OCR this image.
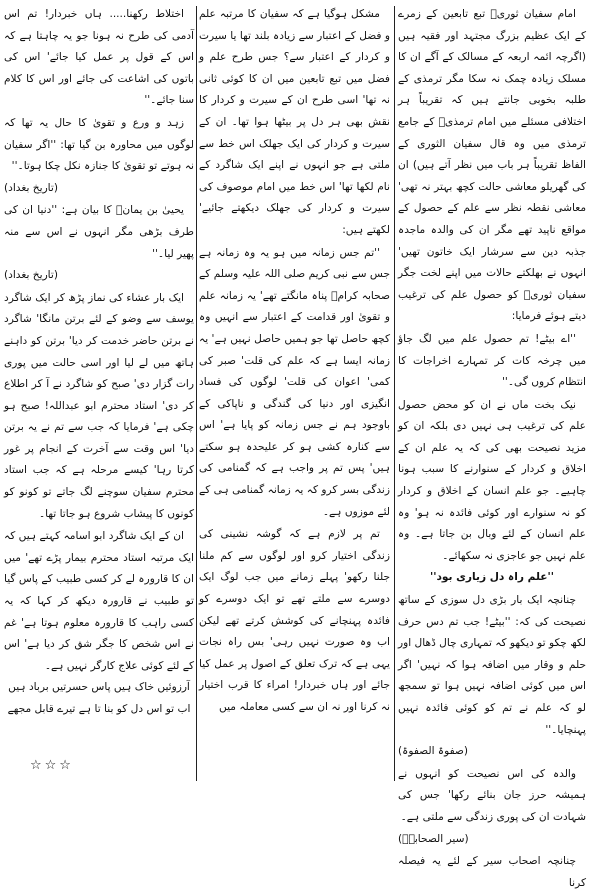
امام سفیان ثوریؒ تبع تابعین کے زمرے کے ایک عظیم بزرگ مجتہد اور فقیہ ہیں (اگرچہ ائمہ اربعہ کے مسالک کے آگے ان کا مسلک زیادہ چمک نہ سکا مگر ترمذی کے طلبہ بخوبی جانتے ہیں کہ تقریباً ہر اختلافی مسئلے میں امام ترمذیؒ کے جامع ترمذی میں وہ قال سفیان الثوری کے الفاظ تقریباً ہر باب میں نظر آتے ہیں) ان کی گھریلو معاشی حالت کچھ بہتر نہ تھی' معاشی نقطہ نظر سے علم کے حصول کے مواقع ناپید تھے مگر ان کی والدہ ماجدہ جذبہ دین سے سرشار ایک خاتون تھیں' انہوں نے بھلکتے حالات میں اپنے لخت جگر سفیان ثوریؒ کو حصول علم کی ترغیب دیتے ہوئے فرمایا:

''اے بیٹے! تم حصول علم میں لگ جاؤ میں چرخہ کات کر تمہارے اخراجات کا انتظام کروں گی۔''

نیک بخت ماں نے ان کو محض حصول علم کی ترغیب ہی نہیں دی بلکہ ان کو مزید نصیحت بھی کی کہ یہ علم ان کے اخلاق و کردار کے سنوارنے کا سبب ہونا چاہیے۔ جو علم انسان کے اخلاق و کردار کو نہ سنوارے اور کوئی فائدہ نہ ہو' وہ علم انسان کے لئے وبال بن جاتا ہے۔ وہ علم نہیں جو عاجزی نہ سکھائے۔

''علم راہ دل زیاری بود''

چنانچہ ایک بار بڑی دل سوزی کے ساتھ نصیحت کی کہ: ''بیٹے! جب تم دس حرف لکھ چکو تو دیکھو کہ تمہاری چال ڈھال اور حلم و وقار میں اضافہ ہوا کہ نہیں' اگر اس میں کوئی اضافہ نہیں ہوا تو سمجھ لو کہ علم نے تم کو کوئی فائدہ نہیں پہنچایا۔''

(صفوۃ الصفوۃ)

والدہ کی اس نصیحت کو انہوں نے ہمیشہ حرز جان بنائے رکھا' جس کی شہادت ان کی پوری زندگی سے ملتی ہے۔

(سیر الصحابہؓ)

چنانچہ اصحاب سیر کے لئے یہ فیصلہ کرنا

مشکل ہوگیا ہے کہ سفیان کا مرتبہ علم و فضل کے اعتبار سے زیادہ بلند تھا یا سیرت و کردار کے اعتبار سے؟ جس طرح علم و فضل میں تبع تابعین میں ان کا کوئی ثانی نہ تھا' اسی طرح ان کے سیرت و کردار کا نقش بھی ہر دل پر بیٹھا ہوا تھا۔ ان کے سیرت و کردار کی ایک جھلک اس خط سے ملتی ہے جو انہوں نے اپنے ایک شاگرد کے نام لکھا تھا' اس خط میں امام موصوف کی سیرت و کردار کی جھلک دیکھتے جائیے' لکھتے ہیں:

''تم جس زمانہ میں ہو یہ وہ زمانہ ہے جس سے نبی کریم صلی اللہ علیہ وسلم کے صحابہ کرامؓ پناہ مانگتے تھے' یہ زمانہ علم و تقویٰ اور قدامت کے اعتبار سے انہیں وہ کچھ حاصل تھا جو ہمیں حاصل نہیں ہے' یہ زمانہ ایسا ہے کہ علم کی قلت' صبر کی کمی' اعوان کی قلت' لوگوں کی فساد انگیزی اور دنیا کی گندگی و ناپاکی کے باوجود ہم نے جس زمانہ کو پایا ہے' اس سے کنارہ کشی ہو کر علیحدہ ہو سکتے ہیں' پس تم پر واجب ہے کہ گمنامی کی زندگی بسر کرو کہ یہ زمانہ گمنامی ہی کے لئے موزوں ہے۔

تم پر لازم ہے کہ گوشہ نشینی کی زندگی اختیار کرو اور لوگوں سے کم ملنا جلنا رکھو' پہلے زمانے میں جب لوگ ایک دوسرے سے ملتے تھے تو ایک دوسرے کو فائدہ پہنچانے کی کوشش کرتے تھے لیکن اب وہ صورت نہیں رہی' بس راہ نجات یہی ہے کہ ترک تعلق کے اصول پر عمل کیا جائے اور ہاں خبردار! امراء کا قرب اختیار نہ کرنا اور نہ ان سے کسی معاملہ میں

اختلاط رکھنا..... ہاں خبردار! تم اس آدمی کی طرح نہ ہونا جو یہ چاہتا ہے کہ اس کے قول پر عمل کیا جائے' اس کی باتوں کی اشاعت کی جائے اور اس کا کلام سنا جائے۔''

زہد و ورع و تقویٰ کا حال یہ تھا کہ لوگوں میں محاورہ بن گیا تھا: ''اگر سفیان نہ ہوتے تو تقویٰ کا جنازہ نکل چکا ہوتا۔''

(تاریخ بغداد)

یحییٰ بن یمانؒ کا بیان ہے: ''دنیا ان کی طرف بڑھی مگر انہوں نے اس سے منہ پھیر لیا۔''

(تاریخ بغداد)

ایک بار عشاء کی نماز پڑھ کر ایک شاگرد یوسف سے وضو کے لئے برتن مانگا' شاگرد نے برتن حاضر خدمت کر دیا' برتن کو داہنے ہاتھ میں لے لیا اور اسی حالت میں پوری رات گزار دی' صبح کو شاگرد نے آ کر اطلاع کر دی' استاد محترم ابو عبداللہ! صبح ہو چکی ہے' فرمایا کہ جب سے تم نے یہ برتن دیا' اس وقت سے آخرت کے انجام پر غور کرتا رہا' کیسے مرحلہ ہے کہ جب استاد محترم سفیان سوچنے لگ جاتے تو کونو کو کونوں کا پیشاب شروع ہو جاتا تھا۔

ان کے ایک شاگرد ابو اسامہ کہتے ہیں کہ ایک مرتبہ استاد محترم بیمار پڑے تھے' میں ان کا قارورہ لے کر کسی طبیب کے پاس گیا تو طبیب نے قارورہ دیکھ کر کہا کہ یہ کسی راہب کا قارورہ معلوم ہوتا ہے' غم نے اس شخص کا جگر شق کر دیا ہے' اس کے لئے کوئی علاج کارگر نہیں ہے۔

آرزوئیں خاک ہیں پاس حسرتیں برباد ہیں

اب تو اس دل کو بنا تا ہے تیرے قابل مجھے

☆☆☆
